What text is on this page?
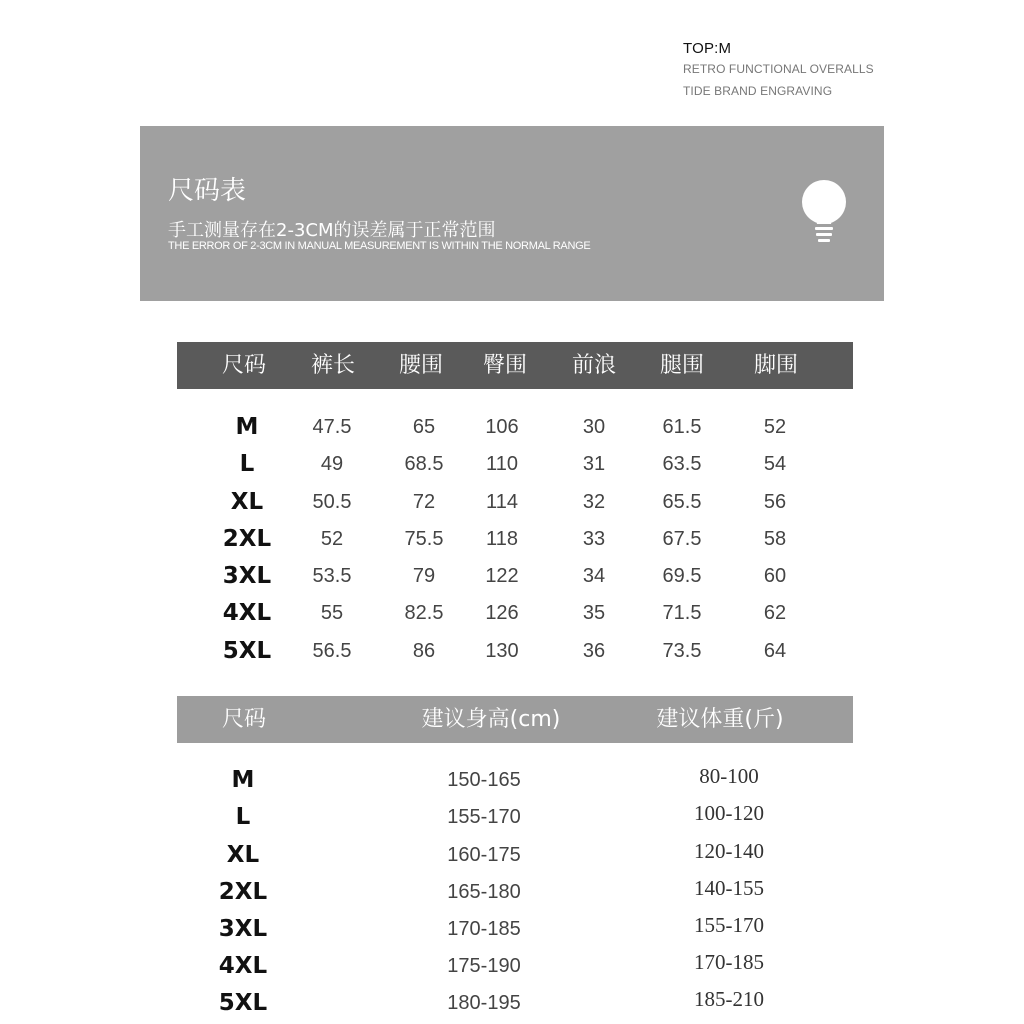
TOP:M
RETRO FUNCTIONAL OVERALLS
TIDE BRAND ENGRAVING
尺码表
手工测量存在2-3CM的误差属于正常范围
THE ERROR OF 2-3CM IN MANUAL MEASUREMENT IS WITHIN THE NORMAL RANGE
尺码 裤长 腰围 臀围 前浪 腿围 脚围
M	47.5	65	106	30	61.5	52
L	49	68.5 110	31	63.5	54
XL 50.5	72	114	32	65.5	56
2XL 52	75.5 118	33	67.5	58
3XL 53.5	79	122	34	69.5	60
4XL 55	82.5 126	35	71.5	62
5XL 56.5	86	130	36	73.5	64
尺码	建议身高(cm)	建议体重(斤)
M	150-165	80-100
L	155-170	100-120
XL	160-175	120-140
2XL	165-180	140-155
3XL	170-185	155-170
4XL	175-190	170-185
5XL	180-195	185-210
